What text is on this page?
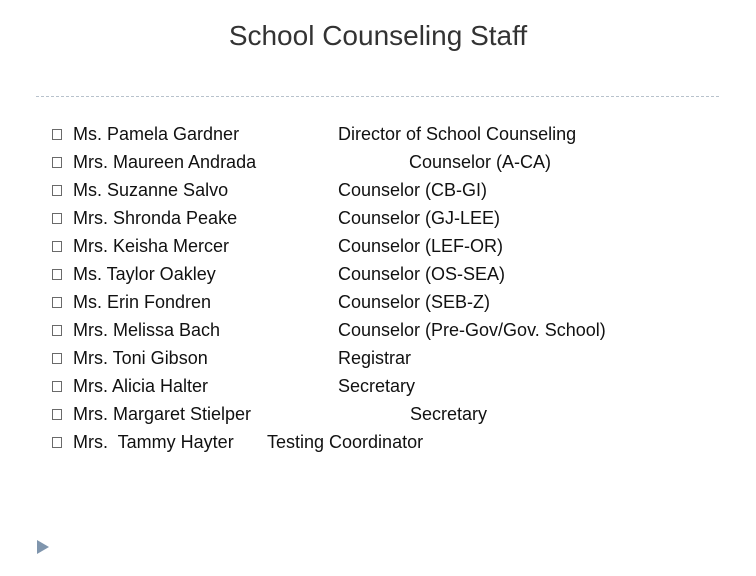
School Counseling Staff
Ms. Pamela Gardner	Director of School Counseling
Mrs. Maureen Andrada	Counselor (A-CA)
Ms. Suzanne Salvo	Counselor (CB-GI)
Mrs. Shronda Peake	Counselor (GJ-LEE)
Mrs. Keisha Mercer	Counselor (LEF-OR)
Ms. Taylor Oakley	Counselor (OS-SEA)
Ms. Erin Fondren	Counselor (SEB-Z)
Mrs. Melissa Bach	Counselor (Pre-Gov/Gov. School)
Mrs. Toni Gibson	Registrar
Mrs. Alicia Halter	Secretary
Mrs. Margaret Stielper	Secretary
Mrs.  Tammy Hayter Testing Coordinator
